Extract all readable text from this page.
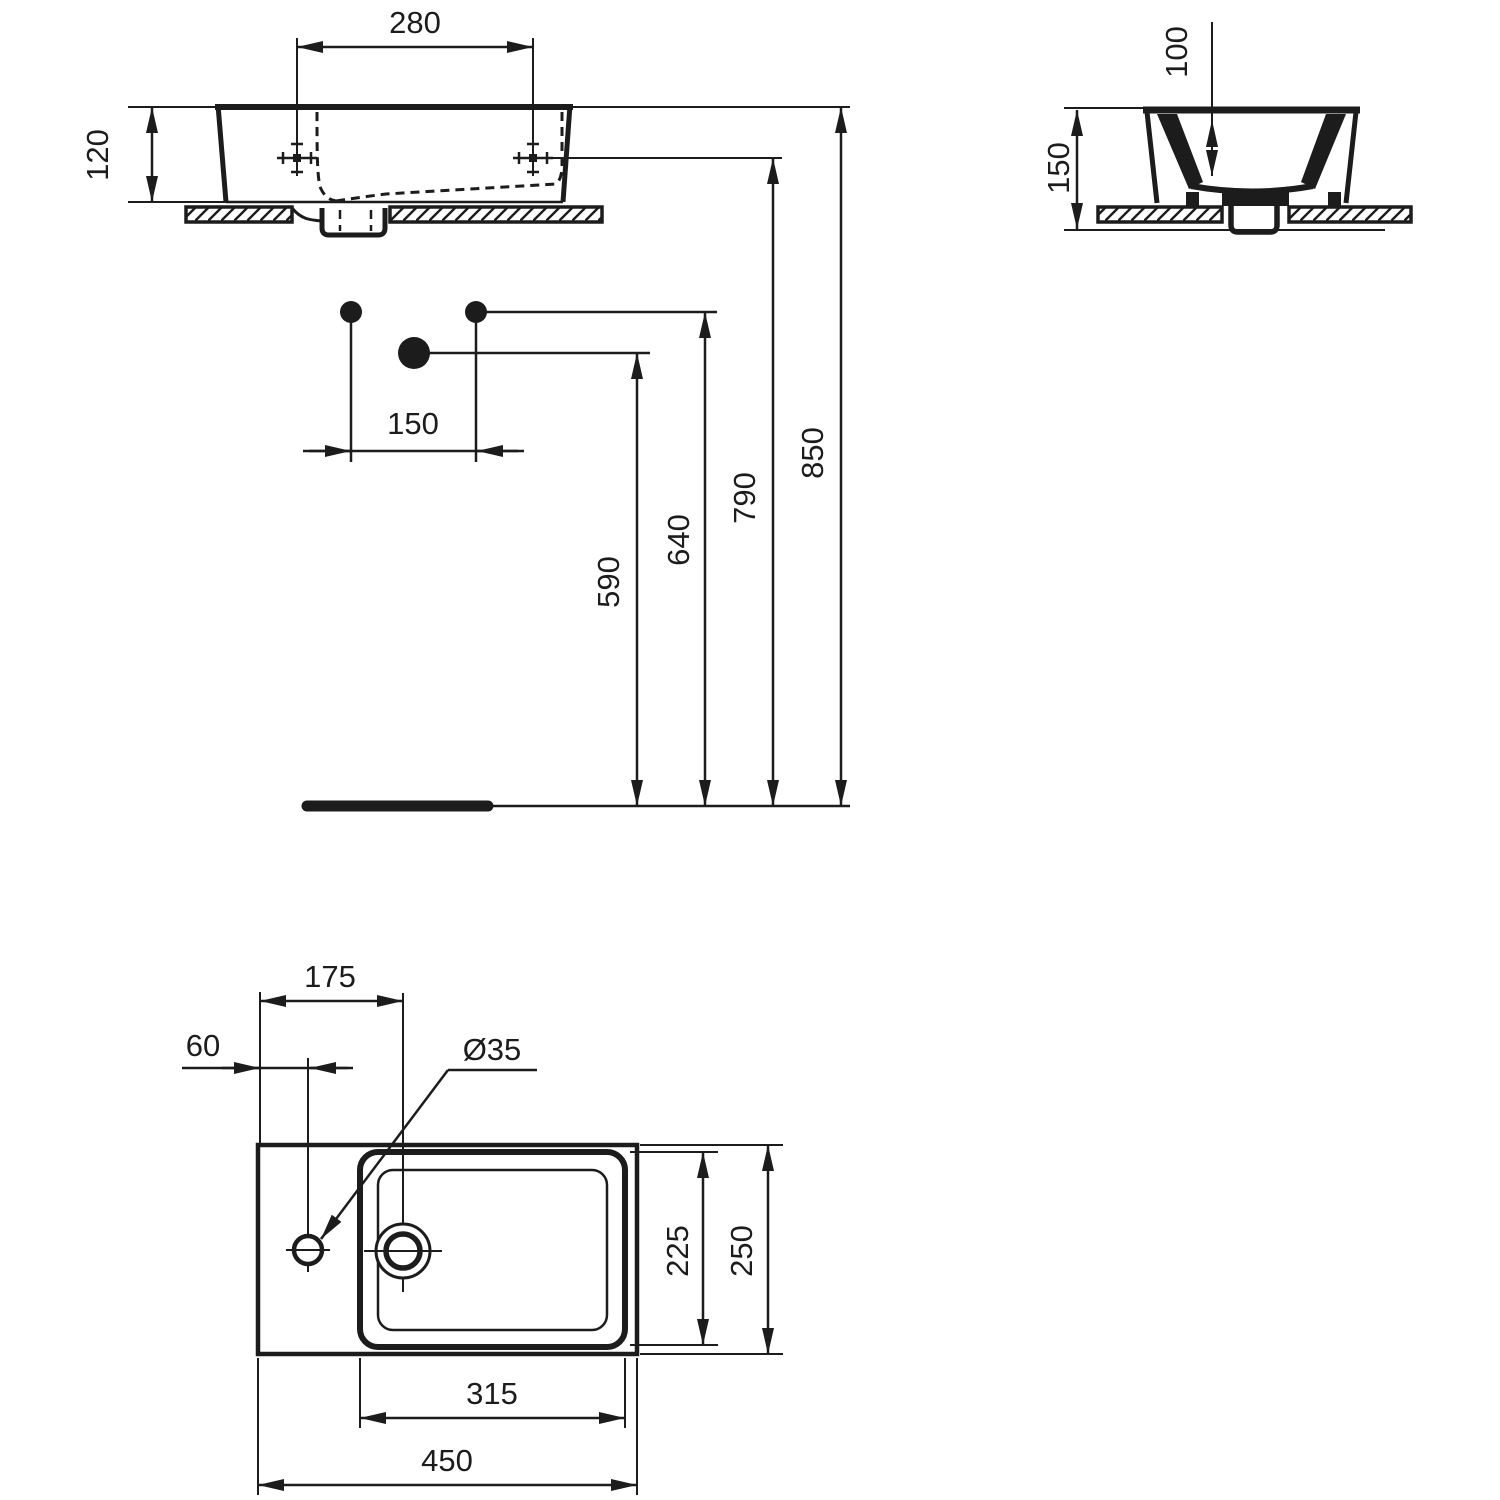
280
120
150
590
640
790
850
100
150
Ø35
175
60
225 250
315
450
